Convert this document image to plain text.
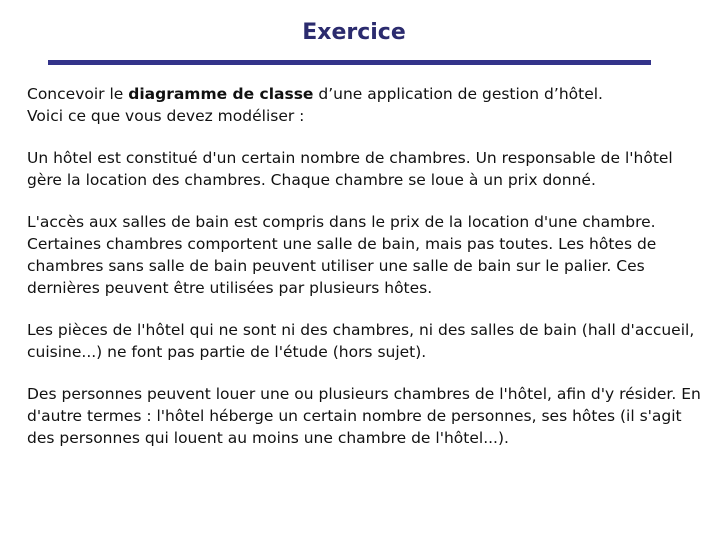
Exercice

Concevoir le diagramme de classe d’une application de gestion d’hôtel.
Voici ce que vous devez modéliser :

Un hôtel est constitué d'un certain nombre de chambres. Un responsable de l'hôtel gère la location des chambres. Chaque chambre se loue à un prix donné.

L'accès aux salles de bain est compris dans le prix de la location d'une chambre. Certaines chambres comportent une salle de bain, mais pas toutes. Les hôtes de chambres sans salle de bain peuvent utiliser une salle de bain sur le palier. Ces dernières peuvent être utilisées par plusieurs hôtes.

Les pièces de l'hôtel qui ne sont ni des chambres, ni des salles de bain (hall d'accueil, cuisine...) ne font pas partie de l'étude (hors sujet).

Des personnes peuvent louer une ou plusieurs chambres de l'hôtel, afin d'y résider. En d'autre termes : l'hôtel héberge un certain nombre de personnes, ses hôtes (il s'agit des personnes qui louent au moins une chambre de l'hôtel...).
